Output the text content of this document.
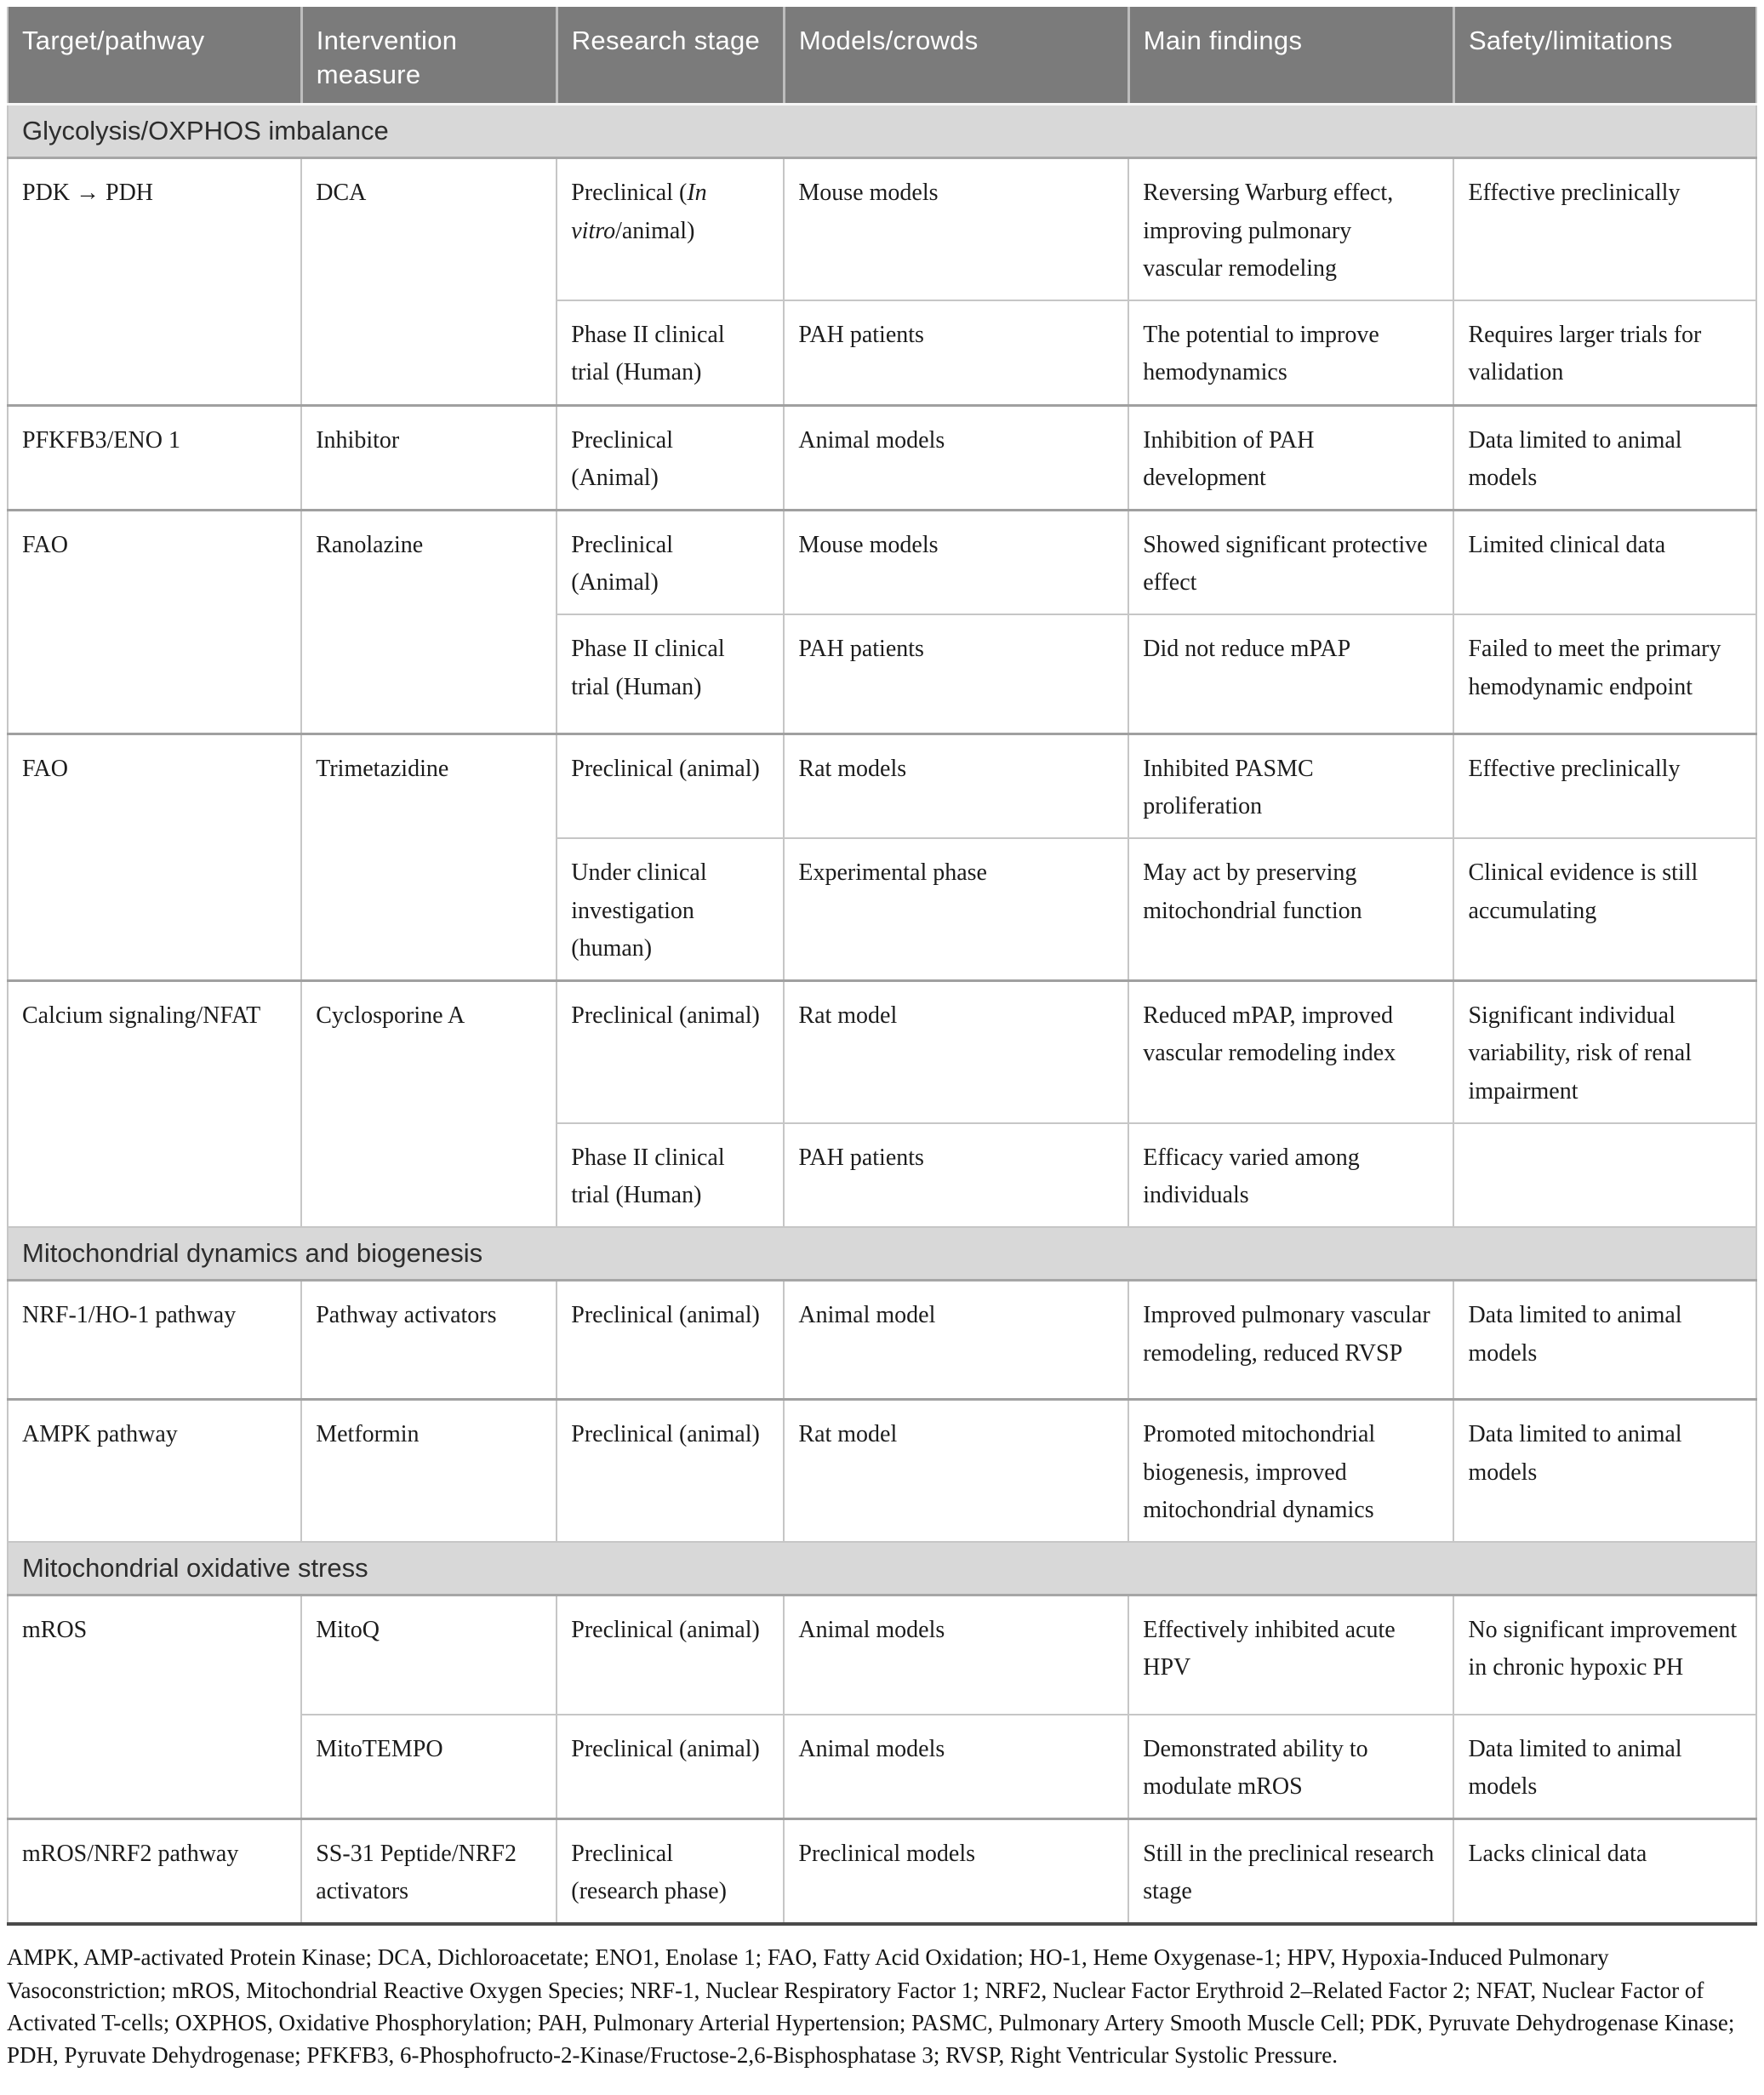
Target/pathway	Intervention measure	Research stage	Models/crowds	Main findings	Safety/limitations
Glycolysis/OXPHOS imbalance					
PDK → PDH	DCA	Preclinical (In vitro/animal)	Mouse models	Reversing Warburg effect, improving pulmonary vascular remodeling	Effective preclinically
		Phase II clinical trial (Human)	PAH patients	The potential to improve hemodynamics	Requires larger trials for validation
PFKFB3/ENO 1	Inhibitor	Preclinical (Animal)	Animal models	Inhibition of PAH development	Data limited to animal models
FAO	Ranolazine	Preclinical (Animal)	Mouse models	Showed significant protective effect	Limited clinical data
		Phase II clinical trial (Human)	PAH patients	Did not reduce mPAP	Failed to meet the primary hemodynamic endpoint
FAO	Trimetazidine	Preclinical (animal)	Rat models	Inhibited PASMC proliferation	Effective preclinically
		Under clinical investigation (human)	Experimental phase	May act by preserving mitochondrial function	Clinical evidence is still accumulating
Calcium signaling/NFAT	Cyclosporine A	Preclinical (animal)	Rat model	Reduced mPAP, improved vascular remodeling index	Significant individual variability, risk of renal impairment
		Phase II clinical trial (Human)	PAH patients	Efficacy varied among individuals	
Mitochondrial dynamics and biogenesis					
NRF-1/HO-1 pathway	Pathway activators	Preclinical (animal)	Animal model	Improved pulmonary vascular remodeling, reduced RVSP	Data limited to animal models
AMPK pathway	Metformin	Preclinical (animal)	Rat model	Promoted mitochondrial biogenesis, improved mitochondrial dynamics	Data limited to animal models
Mitochondrial oxidative stress					
mROS	MitoQ	Preclinical (animal)	Animal models	Effectively inhibited acute HPV	No significant improvement in chronic hypoxic PH
	MitoTEMPO	Preclinical (animal)	Animal models	Demonstrated ability to modulate mROS	Data limited to animal models
mROS/NRF2 pathway	SS-31 Peptide/NRF2 activators	Preclinical (research phase)	Preclinical models	Still in the preclinical research stage	Lacks clinical data

AMPK, AMP-activated Protein Kinase; DCA, Dichloroacetate; ENO1, Enolase 1; FAO, Fatty Acid Oxidation; HO-1, Heme Oxygenase-1; HPV, Hypoxia-Induced Pulmonary Vasoconstriction; mROS, Mitochondrial Reactive Oxygen Species; NRF-1, Nuclear Respiratory Factor 1; NRF2, Nuclear Factor Erythroid 2–Related Factor 2; NFAT, Nuclear Factor of Activated T-cells; OXPHOS, Oxidative Phosphorylation; PAH, Pulmonary Arterial Hypertension; PASMC, Pulmonary Artery Smooth Muscle Cell; PDK, Pyruvate Dehydrogenase Kinase; PDH, Pyruvate Dehydrogenase; PFKFB3, 6-Phosphofructo-2-Kinase/Fructose-2,6-Bisphosphatase 3; RVSP, Right Ventricular Systolic Pressure.
